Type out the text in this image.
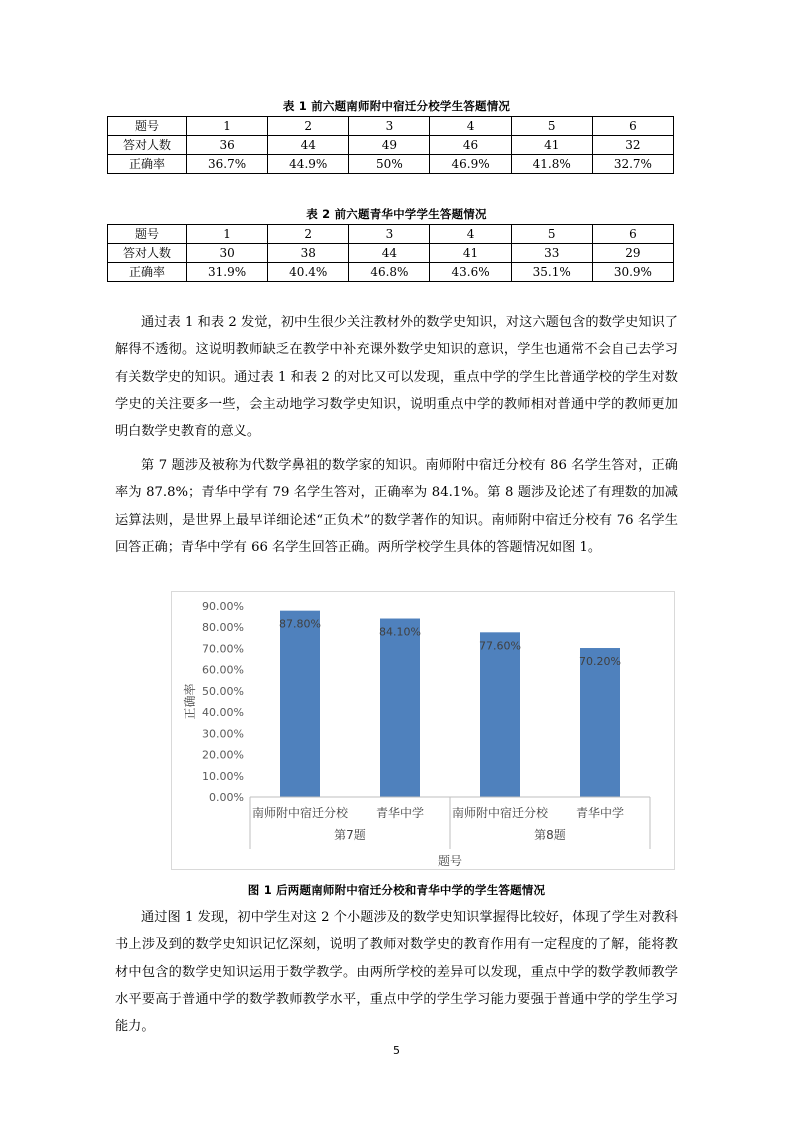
表 1 前六题南师附中宿迁分校学生答题情况
题号	1	2	3	4	5	6
答对人数	36	44	49	46	41	32
正确率	36.7%	44.9%	50%	46.9%	41.8%	32.7%
表 2 前六题青华中学学生答题情况
题号	1	2	3	4	5	6
答对人数	30	38	44	41	33	29
正确率	31.9%	40.4%	46.8%	43.6%	35.1%	30.9%

通过表 1 和表 2 发觉，初中生很少关注教材外的数学史知识，对这六题包含的数学史知识了解得不透彻。这说明教师缺乏在教学中补充课外数学史知识的意识，学生也通常不会自己去学习有关数学史的知识。通过表 1 和表 2 的对比又可以发现，重点中学的学生比普通学校的学生对数学史的关注要多一些，会主动地学习数学史知识，说明重点中学的教师相对普通中学的教师更加明白数学史教育的意义。

第 7 题涉及被称为代数学鼻祖的数学家的知识。南师附中宿迁分校有 86 名学生答对，正确率为 87.8%；青华中学有 79 名学生答对，正确率为 84.1%。第 8 题涉及论述了有理数的加减运算法则，是世界上最早详细论述“正负术”的数学著作的知识。南师附中宿迁分校有 76 名学生回答正确；青华中学有 66 名学生回答正确。两所学校学生具体的答题情况如图 1。

0.00%
10.00%
20.00%
30.00%
40.00%
50.00%
60.00%
70.00%
80.00%
90.00%
正确率
87.80%
南师附中宿迁分校
84.10%
青华中学
77.60%
南师附中宿迁分校
70.20%
青华中学
第7题	第8题
题号
图 1 后两题南师附中宿迁分校和青华中学的学生答题情况

通过图 1 发现，初中学生对这 2 个小题涉及的数学史知识掌握得比较好，体现了学生对教科书上涉及到的数学史知识记忆深刻，说明了教师对数学史的教育作用有一定程度的了解，能将教材中包含的数学史知识运用于数学教学。由两所学校的差异可以发现，重点中学的数学教师教学水平要高于普通中学的数学教师教学水平，重点中学的学生学习能力要强于普通中学的学生学习能力。

5
